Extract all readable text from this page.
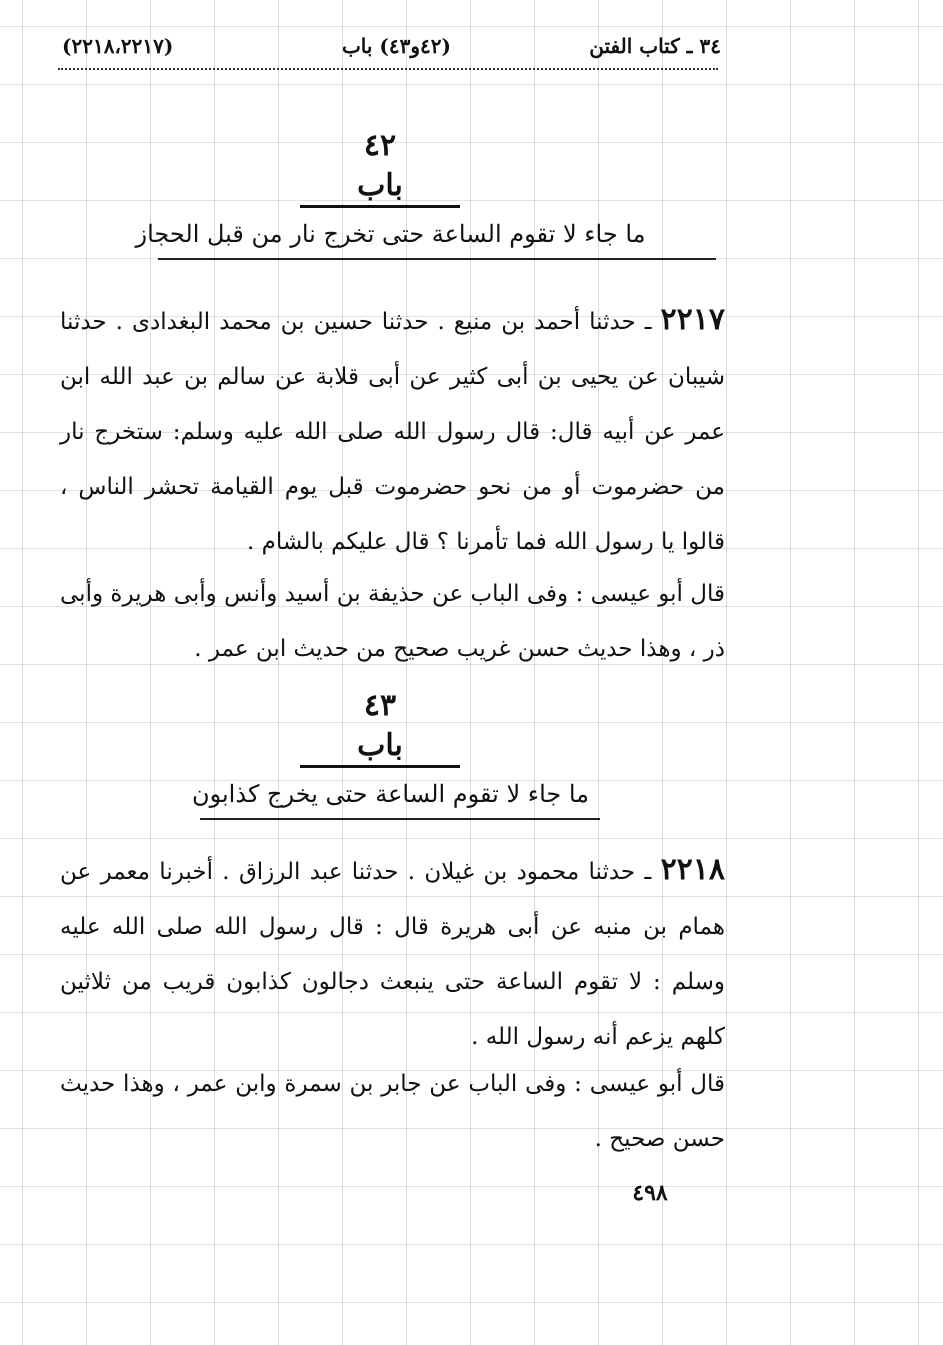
٣٤ ـ كتاب الفتن
(٤٢و٤٣) باب
(٢٢١٨،٢٢١٧)
٤٢
باب
ما جاء لا تقوم الساعة حتى تخرج نار من قبل الحجاز
٢٢١٧ ـ حدثنا أحمد بن منيع . حدثنا حسين بن محمد البغدادى . حدثنا شيبان عن يحيى بن أبى كثير عن أبى قلابة عن سالم بن عبد الله ابن عمر عن أبيه قال: قال رسول الله صلى الله عليه وسلم: ستخرج نار من حضرموت أو من نحو حضرموت قبل يوم القيامة تحشر الناس ، قالوا يا رسول الله فما تأمرنا ؟ قال عليكم بالشام .
قال أبو عيسى : وفى الباب عن حذيفة بن أسيد وأنس وأبى هريرة وأبى ذر ، وهذا حديث حسن غريب صحيح من حديث ابن عمر .
٤٣
باب
ما جاء لا تقوم الساعة حتى يخرج كذابون
٢٢١٨ ـ حدثنا محمود بن غيلان . حدثنا عبد الرزاق . أخبرنا معمر عن همام بن منبه عن أبى هريرة قال : قال رسول الله صلى الله عليه وسلم : لا تقوم الساعة حتى ينبعث دجالون كذابون قريب من ثلاثين كلهم يزعم أنه رسول الله .
قال أبو عيسى : وفى الباب عن جابر بن سمرة وابن عمر ، وهذا حديث حسن صحيح .
٤٩٨
